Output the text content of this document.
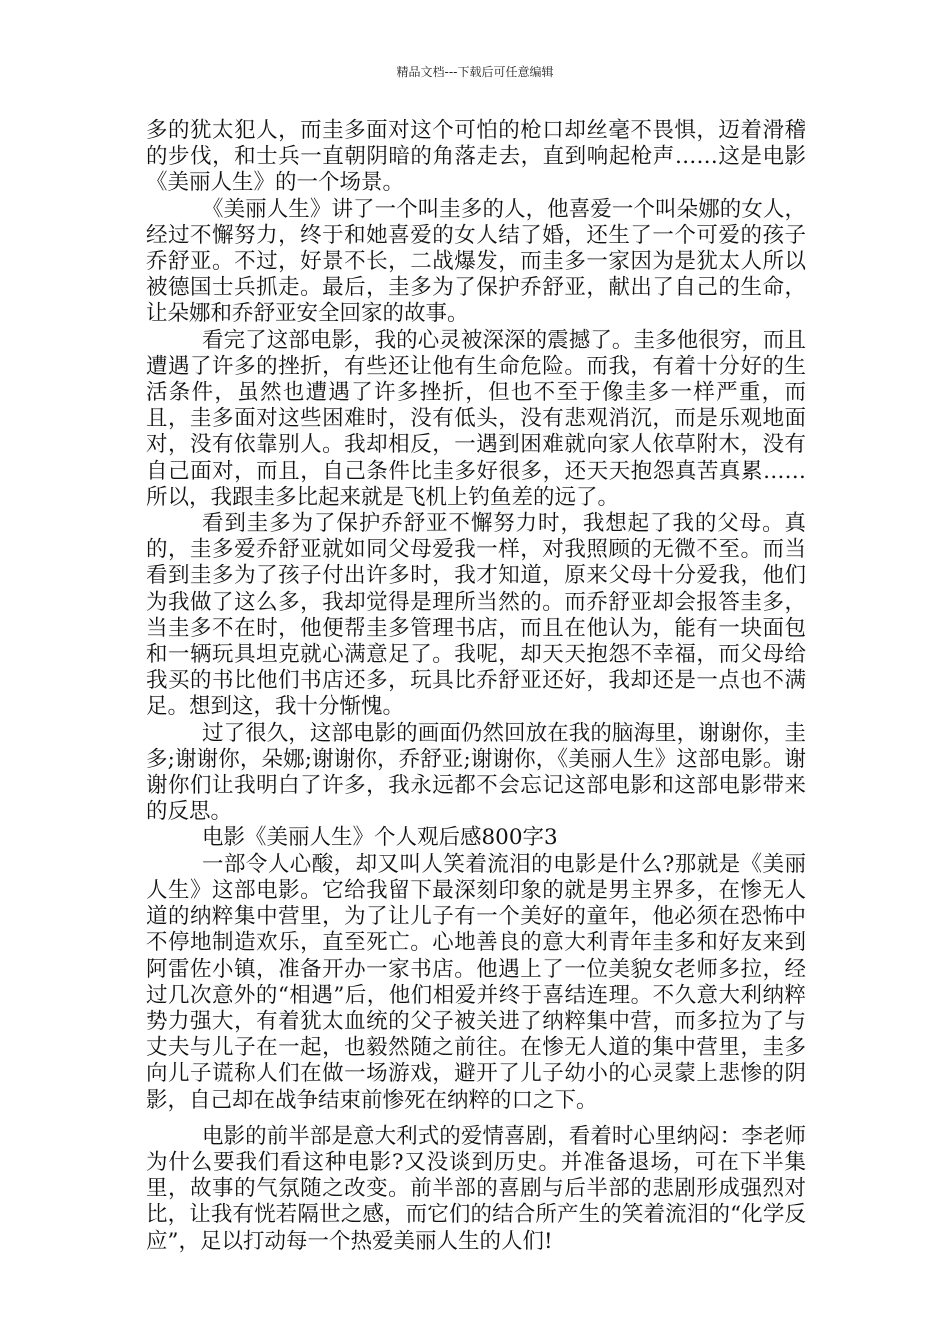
精品文档---下载后可任意编辑

多的犹太犯人，而圭多面对这个可怕的枪口却丝毫不畏惧，迈着滑稽的步伐，和士兵一直朝阴暗的角落走去，直到响起枪声……这是电影《美丽人生》的一个场景。

《美丽人生》讲了一个叫圭多的人，他喜爱一个叫朵娜的女人，经过不懈努力，终于和她喜爱的女人结了婚，还生了一个可爱的孩子乔舒亚。不过，好景不长，二战爆发，而圭多一家因为是犹太人所以被德国士兵抓走。最后，圭多为了保护乔舒亚，献出了自己的生命，让朵娜和乔舒亚安全回家的故事。

看完了这部电影，我的心灵被深深的震撼了。圭多他很穷，而且遭遇了许多的挫折，有些还让他有生命危险。而我，有着十分好的生活条件，虽然也遭遇了许多挫折，但也不至于像圭多一样严重，而且，圭多面对这些困难时，没有低头，没有悲观消沉，而是乐观地面对，没有依靠别人。我却相反，一遇到困难就向家人依草附木，没有自己面对，而且，自己条件比圭多好很多，还天天抱怨真苦真累……所以，我跟圭多比起来就是飞机上钓鱼差的远了。

看到圭多为了保护乔舒亚不懈努力时，我想起了我的父母。真的，圭多爱乔舒亚就如同父母爱我一样，对我照顾的无微不至。而当看到圭多为了孩子付出许多时，我才知道，原来父母十分爱我，他们为我做了这么多，我却觉得是理所当然的。而乔舒亚却会报答圭多，当圭多不在时，他便帮圭多管理书店，而且在他认为，能有一块面包和一辆玩具坦克就心满意足了。我呢，却天天抱怨不幸福，而父母给我买的书比他们书店还多，玩具比乔舒亚还好，我却还是一点也不满足。想到这，我十分惭愧。

过了很久，这部电影的画面仍然回放在我的脑海里，谢谢你，圭多;谢谢你，朵娜;谢谢你，乔舒亚;谢谢你，《美丽人生》这部电影。谢谢你们让我明白了许多，我永远都不会忘记这部电影和这部电影带来的反思。

电影《美丽人生》个人观后感800字3

一部令人心酸，却又叫人笑着流泪的电影是什么?那就是《美丽人生》这部电影。它给我留下最深刻印象的就是男主界多，在惨无人道的纳粹集中营里，为了让儿子有一个美好的童年，他必须在恐怖中不停地制造欢乐，直至死亡。心地善良的意大利青年圭多和好友来到阿雷佐小镇，准备开办一家书店。他遇上了一位美貌女老师多拉，经过几次意外的“相遇”后，他们相爱并终于喜结连理。不久意大利纳粹势力强大，有着犹太血统的父子被关进了纳粹集中营，而多拉为了与丈夫与儿子在一起，也毅然随之前往。在惨无人道的集中营里，圭多向儿子谎称人们在做一场游戏，避开了儿子幼小的心灵蒙上悲惨的阴影，自己却在战争结束前惨死在纳粹的口之下。

电影的前半部是意大利式的爱情喜剧，看着时心里纳闷：李老师为什么要我们看这种电影?又没谈到历史。并准备退场，可在下半集里，故事的气氛随之改变。前半部的喜剧与后半部的悲剧形成强烈对比，让我有恍若隔世之感，而它们的结合所产生的笑着流泪的“化学反应”，足以打动每一个热爱美丽人生的人们!
